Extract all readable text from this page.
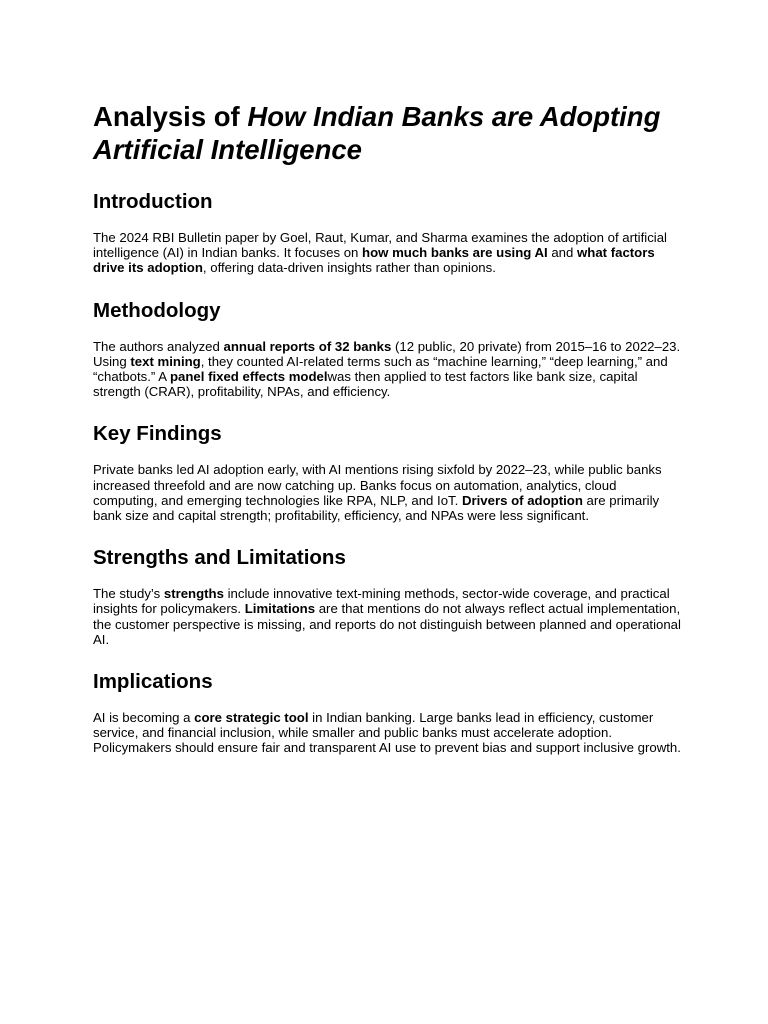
Analysis of How Indian Banks are Adopting Artificial Intelligence
Introduction

The 2024 RBI Bulletin paper by Goel, Raut, Kumar, and Sharma examines the adoption of artificial intelligence (AI) in Indian banks. It focuses on how much banks are using AI and what factors drive its adoption, offering data-driven insights rather than opinions.

Methodology

The authors analyzed annual reports of 32 banks (12 public, 20 private) from 2015–16 to 2022–23. Using text mining, they counted AI-related terms such as “machine learning,” “deep learning,” and “chatbots.” A panel fixed effects modelwas then applied to test factors like bank size, capital strength (CRAR), profitability, NPAs, and efficiency.

Key Findings

Private banks led AI adoption early, with AI mentions rising sixfold by 2022–23, while public banks increased threefold and are now catching up. Banks focus on automation, analytics, cloud computing, and emerging technologies like RPA, NLP, and IoT. Drivers of adoption are primarily bank size and capital strength; profitability, efficiency, and NPAs were less significant.

Strengths and Limitations

The study’s strengths include innovative text-mining methods, sector-wide coverage, and practical insights for policymakers. Limitations are that mentions do not always reflect actual implementation, the customer perspective is missing, and reports do not distinguish between planned and operational AI.

Implications

AI is becoming a core strategic tool in Indian banking. Large banks lead in efficiency, customer service, and financial inclusion, while smaller and public banks must accelerate adoption. Policymakers should ensure fair and transparent AI use to prevent bias and support inclusive growth.
